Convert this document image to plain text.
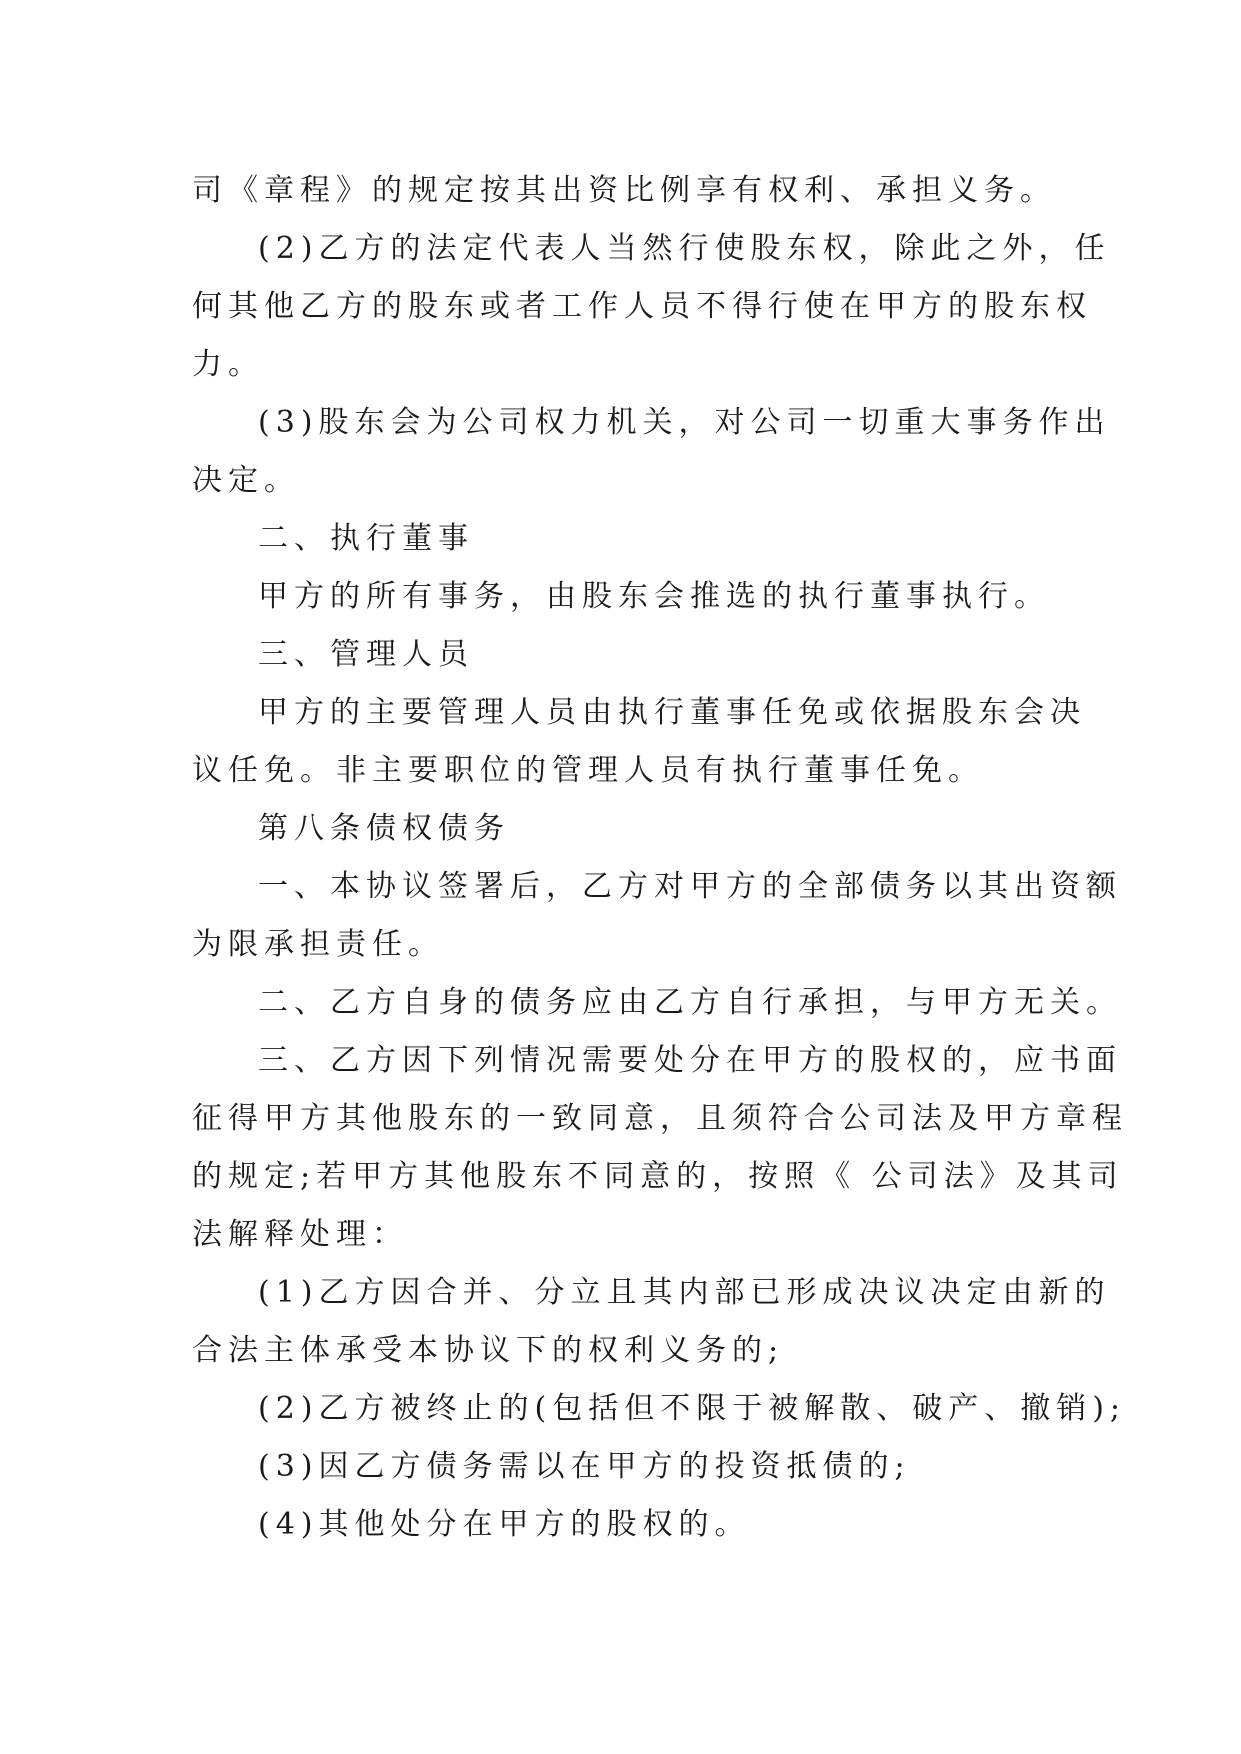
司《章程》的规定按其出资比例享有权利、承担义务。
(2)乙方的法定代表人当然行使股东权，除此之外，任
何其他乙方的股东或者工作人员不得行使在甲方的股东权
力。
(3)股东会为公司权力机关，对公司一切重大事务作出
决定。
二、执行董事
甲方的所有事务，由股东会推选的执行董事执行。
三、管理人员
甲方的主要管理人员由执行董事任免或依据股东会决
议任免。非主要职位的管理人员有执行董事任免。
第八条债权债务
一、本协议签署后，乙方对甲方的全部债务以其出资额
为限承担责任。
二、乙方自身的债务应由乙方自行承担，与甲方无关。
三、乙方因下列情况需要处分在甲方的股权的，应书面
征得甲方其他股东的一致同意，且须符合公司法及甲方章程
的规定;若甲方其他股东不同意的，按照《 公司法》及其司
法解释处理：
(1)乙方因合并、分立且其内部已形成决议决定由新的
合法主体承受本协议下的权利义务的;
(2)乙方被终止的(包括但不限于被解散、破产、撤销);
(3)因乙方债务需以在甲方的投资抵债的;
(4)其他处分在甲方的股权的。
